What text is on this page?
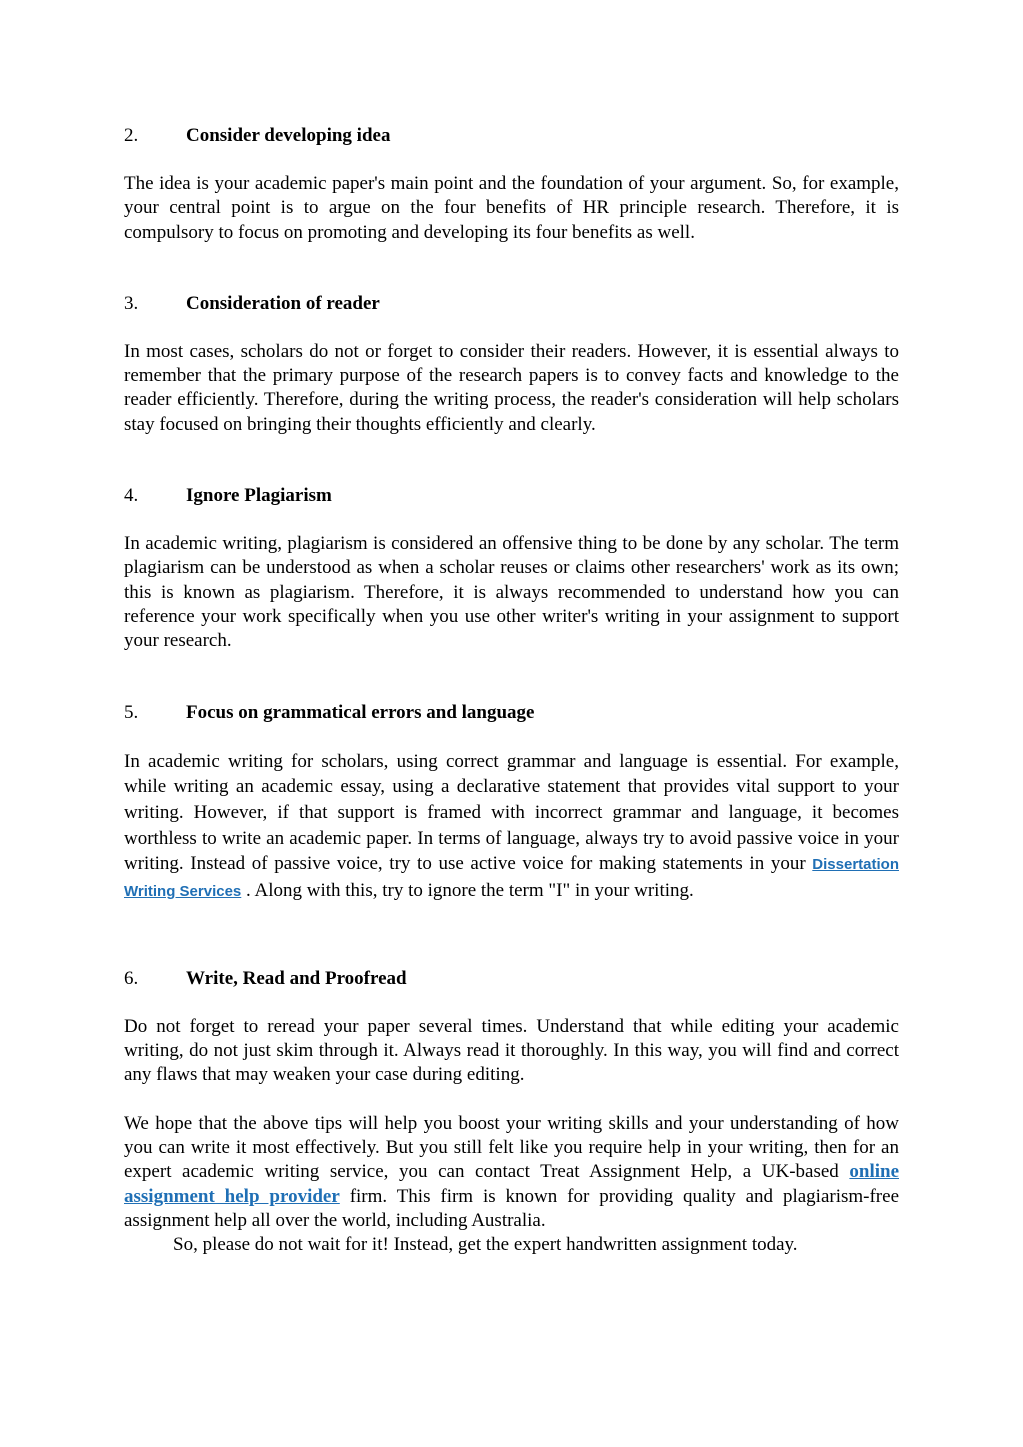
2.	Consider developing idea

The idea is your academic paper's main point and the foundation of your argument. So, for example, your central point is to argue on the four benefits of HR principle research. Therefore, it is compulsory to focus on promoting and developing its four benefits as well.

3.	Consideration of reader

In most cases, scholars do not or forget to consider their readers. However, it is essential always to remember that the primary purpose of the research papers is to convey facts and knowledge to the reader efficiently. Therefore, during the writing process, the reader's consideration will help scholars stay focused on bringing their thoughts efficiently and clearly.

4.	Ignore Plagiarism

In academic writing, plagiarism is considered an offensive thing to be done by any scholar. The term plagiarism can be understood as when a scholar reuses or claims other researchers' work as its own; this is known as plagiarism. Therefore, it is always recommended to understand how you can reference your work specifically when you use other writer's writing in your assignment to support your research.

5.	Focus on grammatical errors and language

In academic writing for scholars, using correct grammar and language is essential. For example, while writing an academic essay, using a declarative statement that provides vital support to your writing. However, if that support is framed with incorrect grammar and language, it becomes worthless to write an academic paper. In terms of language, always try to avoid passive voice in your writing. Instead of passive voice, try to use active voice for making statements in your Dissertation Writing Services . Along with this, try to ignore the term "I" in your writing.

6.	Write, Read and Proofread

Do not forget to reread your paper several times. Understand that while editing your academic writing, do not just skim through it. Always read it thoroughly. In this way, you will find and correct any flaws that may weaken your case during editing.

We hope that the above tips will help you boost your writing skills and your understanding of how you can write it most effectively. But you still felt like you require help in your writing, then for an expert academic writing service, you can contact Treat Assignment Help, a UK-based online assignment help provider firm. This firm is known for providing quality and plagiarism-free assignment help all over the world, including Australia.

So, please do not wait for it! Instead, get the expert handwritten assignment today.
